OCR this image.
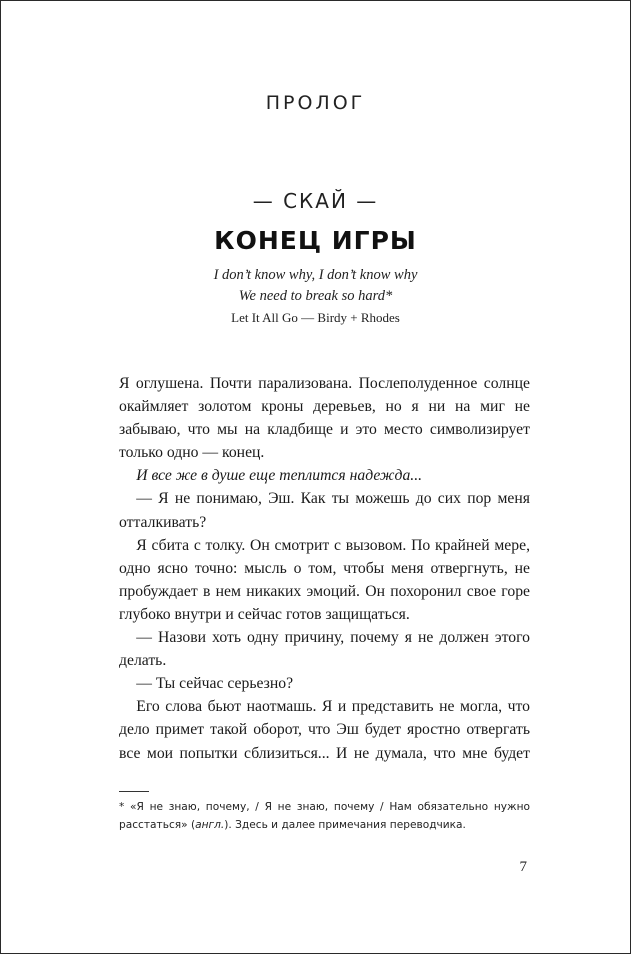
ПРОЛОГ
— СКАЙ —
КОНЕЦ ИГРЫ
I don’t know why, I don’t know why
We need to break so hard*
Let It All Go — Birdy + Rhodes

Я оглушена. Почти парализована. Послеполуденное солнце окаймляет золотом кроны деревьев, но я ни на миг не забываю, что мы на кладбище и это место символизирует только одно — конец.

И все же в душе еще теплится надежда...

— Я не понимаю, Эш. Как ты можешь до сих пор меня отталкивать?

Я сбита с толку. Он смотрит с вызовом. По крайней мере, одно ясно точно: мысль о том, чтобы меня отвергнуть, не пробуждает в нем никаких эмоций. Он похоронил свое горе глубоко внутри и сейчас готов защищаться.

— Назови хоть одну причину, почему я не должен этого делать.

— Ты сейчас серьезно?

Его слова бьют наотмашь. Я и представить не могла, что дело примет такой оборот, что Эш будет яростно отвергать все мои попытки сблизиться... И не думала, что мне будет

* «Я не знаю, почему, / Я не знаю, почему / Нам обязательно нужно расстаться» (англ.). Здесь и далее примечания переводчика.
7
